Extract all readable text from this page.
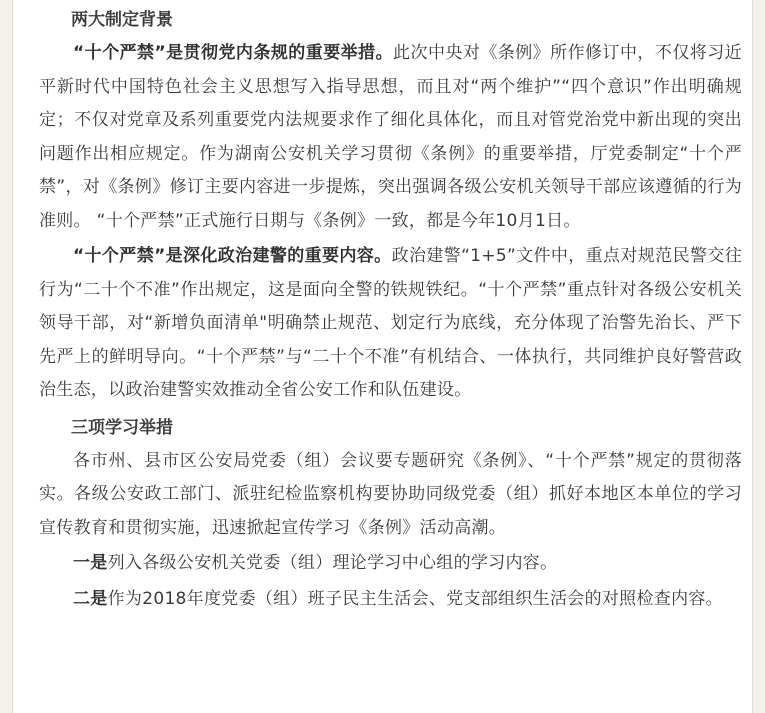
两大制定背景

“十个严禁”是贯彻党内条规的重要举措。此次中央对《条例》所作修订中，不仅将习近平新时代中国特色社会主义思想写入指导思想，而且对“两个维护”“四个意识”作出明确规定；不仅对党章及系列重要党内法规要求作了细化具体化，而且对管党治党中新出现的突出问题作出相应规定。作为湖南公安机关学习贯彻《条例》的重要举措，厅党委制定“十个严禁”，对《条例》修订主要内容进一步提炼，突出强调各级公安机关领导干部应该遵循的行为准则。 “十个严禁”正式施行日期与《条例》一致，都是今年10月1日。

“十个严禁”是深化政治建警的重要内容。政治建警“1+5”文件中，重点对规范民警交往行为“二十个不准”作出规定，这是面向全警的铁规铁纪。“十个严禁”重点针对各级公安机关领导干部，对“新增负面清单"明确禁止规范、划定行为底线，充分体现了治警先治长、严下先严上的鲜明导向。“十个严禁”与“二十个不准”有机结合、一体执行，共同维护良好警营政治生态，以政治建警实效推动全省公安工作和队伍建设。

三项学习举措

各市州、县市区公安局党委（组）会议要专题研究《条例》、“十个严禁”规定的贯彻落实。各级公安政工部门、派驻纪检监察机构要协助同级党委（组）抓好本地区本单位的学习宣传教育和贯彻实施，迅速掀起宣传学习《条例》活动高潮。

一是列入各级公安机关党委（组）理论学习中心组的学习内容。

二是作为2018年度党委（组）班子民主生活会、党支部组织生活会的对照检查内容。
